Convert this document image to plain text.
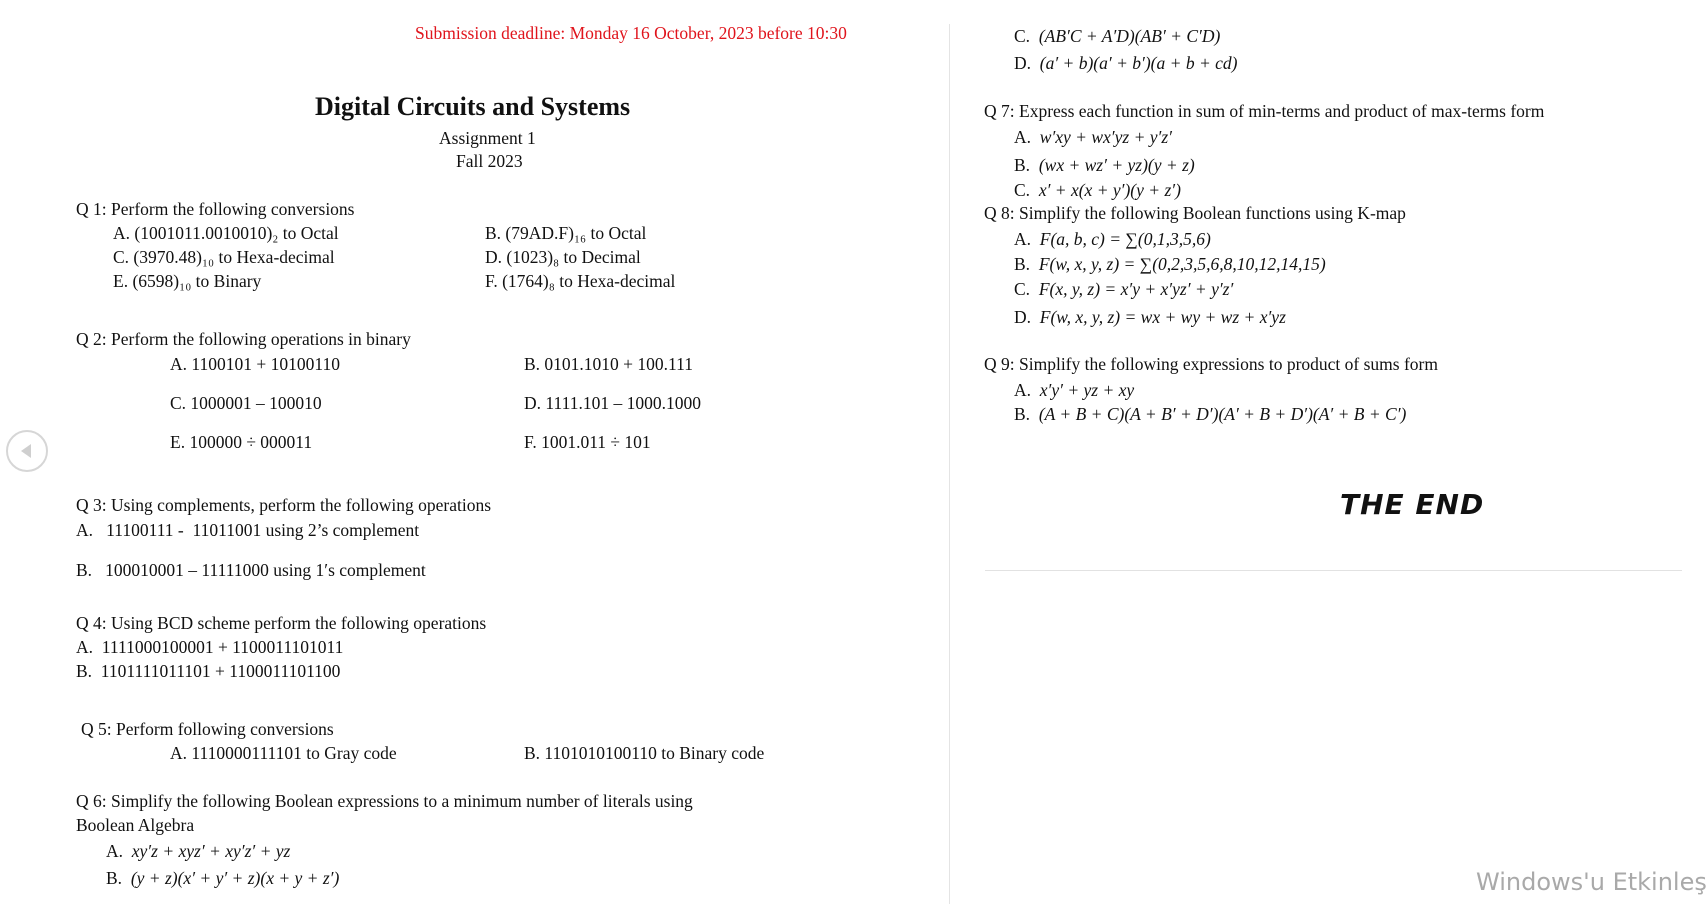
Submission deadline: Monday 16 October, 2023 before 10:30
Digital Circuits and Systems
Assignment 1
Fall 2023
Q 1: Perform the following conversions
A. (1001011.0010010)₂ to Octal	B. (79AD.F)₁₆ to Octal
C. (3970.48)₁₀ to Hexa-decimal	D. (1023)₈ to Decimal
E. (6598)₁₀ to Binary	F. (1764)₈ to Hexa-decimal
Q 2: Perform the following operations in binary
A. 1100101 + 10100110	B. 0101.1010 + 100.111
C. 1000001 – 100010	D. 1111.101 – 1000.1000
E. 100000 ÷ 000011	F. 1001.011 ÷ 101
Q 3: Using complements, perform the following operations
A.   11100111 -  11011001 using 2’s complement
B.   100010001 – 11111000 using 1′s complement
Q 4: Using BCD scheme perform the following operations
A.  1111000100001 + 1100011101011
B.  1101111011101 + 1100011101100
Q 5: Perform following conversions
A. 1110000111101 to Gray code	B. 1101010100110 to Binary code
Q 6: Simplify the following Boolean expressions to a minimum number of literals using
Boolean Algebra
A. xy′z + xyz′ + xy′z′ + yz
B. (y + z)(x′ + y′ + z)(x + y + z′)
C. (AB′C + A′D)(AB′ + C′D)
D. (a′ + b)(a′ + b′)(a + b + cd)
Q 7: Express each function in sum of min-terms and product of max-terms form
A. w′xy + wx′yz + y′z′
B. (wx + wz′ + yz)(y + z)
C. x′ + x(x + y′)(y + z′)
Q 8: Simplify the following Boolean functions using K-map
A. F(a, b, c) = ∑(0,1,3,5,6)
B. F(w, x, y, z) = ∑(0,2,3,5,6,8,10,12,14,15)
C. F(x, y, z) = x′y + x′yz′ + y′z′
D. F(w, x, y, z) = wx + wy + wz + x′yz
Q 9: Simplify the following expressions to product of sums form
A. x′y′ + yz + xy
B. (A + B + C)(A + B′ + D′)(A′ + B + D′)(A′ + B + C′)
THE END
Windows'u Etkinleş
